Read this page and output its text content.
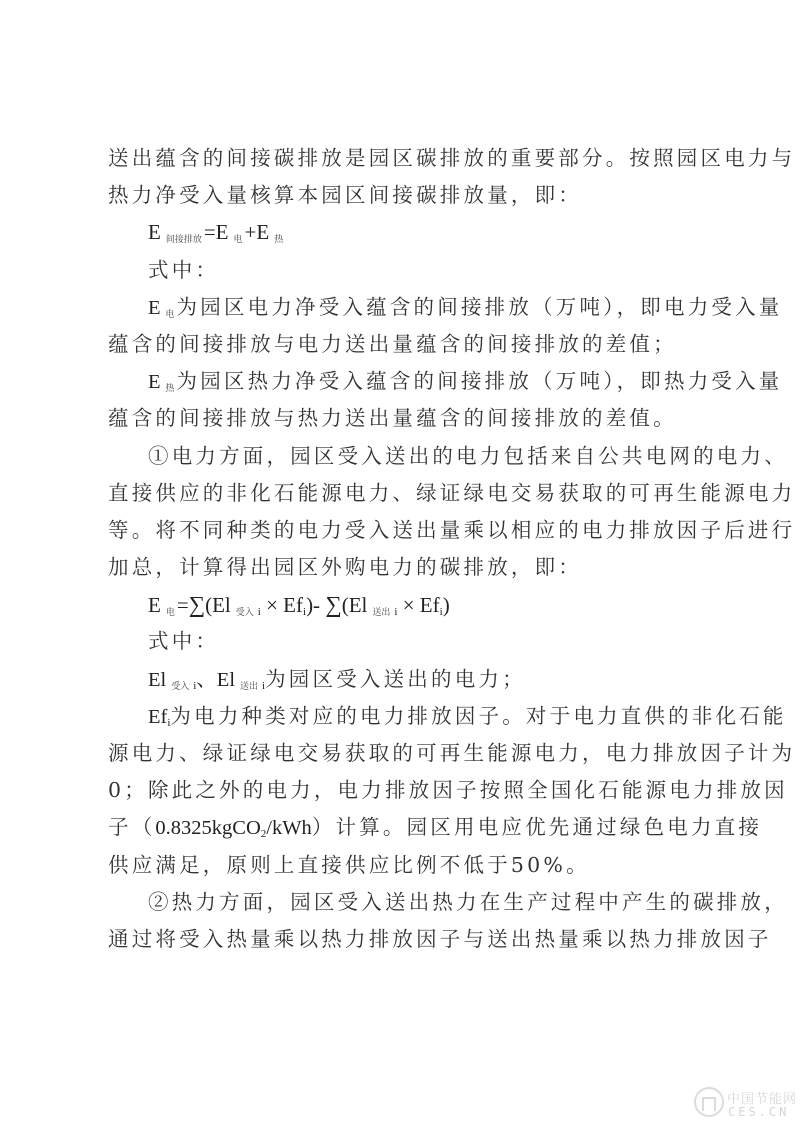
送出蕴含的间接碳排放是园区碳排放的重要部分。按照园区电力与
热力净受入量核算本园区间接碳排放量，即：
E $_{间接排放}$=E $_电$+E $_热$
式中：
E $_电$为园区电力净受入蕴含的间接排放（万吨），即电力受入量
蕴含的间接排放与电力送出量蕴含的间接排放的差值；
E $_热$为园区热力净受入蕴含的间接排放（万吨），即热力受入量
蕴含的间接排放与热力送出量蕴含的间接排放的差值。
①电力方面，园区受入送出的电力包括来自公共电网的电力、
直接供应的非化石能源电力、绿证绿电交易获取的可再生能源电力
等。将不同种类的电力受入送出量乘以相应的电力排放因子后进行
加总，计算得出园区外购电力的碳排放，即：
E $_电$=∑(El $_{受入}$ i × Efi)- ∑(El $_{送出}$ i × Efi)
式中：
El $_{受入}$ i、El $_{送出}$ i为园区受入送出的电力；
Efi为电力种类对应的电力排放因子。对于电力直供的非化石能
源电力、绿证绿电交易获取的可再生能源电力，电力排放因子计为
0；除此之外的电力，电力排放因子按照全国化石能源电力排放因
子（0.8325kgCO2/kWh）计算。园区用电应优先通过绿色电力直接
供应满足，原则上直接供应比例不低于50%。
②热力方面，园区受入送出热力在生产过程中产生的碳排放，
通过将受入热量乘以热力排放因子与送出热量乘以热力排放因子
中国节能网
CES.CN
